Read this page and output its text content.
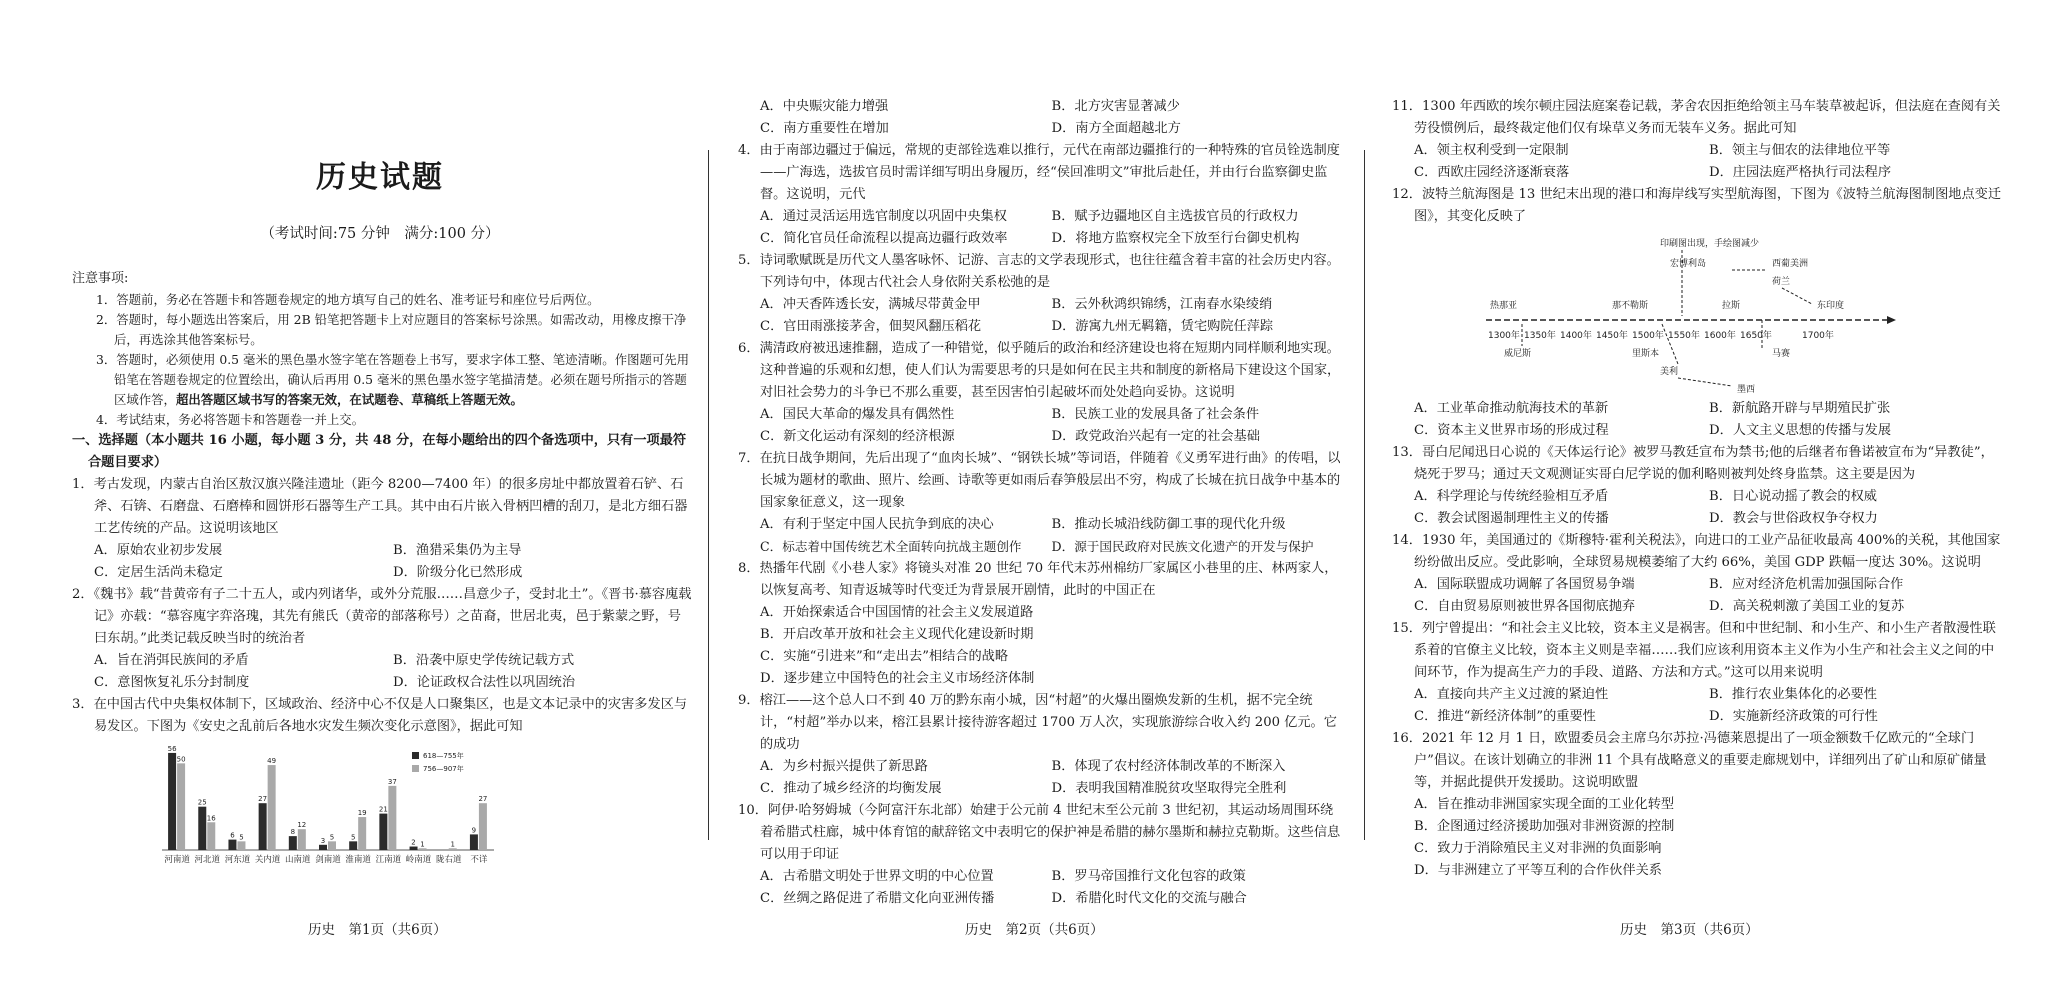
历史试题
（考试时间:75 分钟　满分:100 分）

注意事项:

1．答题前，务必在答题卡和答题卷规定的地方填写自己的姓名、准考证号和座位号后两位。

2．答题时，每小题选出答案后，用 2B 铅笔把答题卡上对应题目的答案标号涂黑。如需改动，用橡皮擦干净后，再选涂其他答案标号。

3．答题时，必须使用 0.5 毫米的黑色墨水签字笔在答题卷上书写，要求字体工整、笔迹清晰。作图题可先用铅笔在答题卷规定的位置绘出，确认后再用 0.5 毫米的黑色墨水签字笔描清楚。必须在题号所指示的答题区域作答，超出答题区域书写的答案无效，在试题卷、草稿纸上答题无效。

4．考试结束，务必将答题卡和答题卷一并上交。

一、选择题（本小题共 16 小题，每小题 3 分，共 48 分，在每小题给出的四个备选项中，只有一项最符合题目要求）

1．考古发现，内蒙古自治区敖汉旗兴隆洼遗址（距今 8200—7400 年）的很多房址中都放置着石铲、石斧、石锛、石磨盘、石磨棒和圆饼形石器等生产工具。其中由石片嵌入骨柄凹槽的刮刀，是北方细石器工艺传统的产品。这说明该地区

A．原始农业初步发展	B．渔猎采集仍为主导
C．定居生活尚未稳定	D．阶级分化已然形成

2．《魏书》载“昔黄帝有子二十五人，或内列诸华，或外分荒服……昌意少子，受封北土”。《晋书·慕容廆载记》亦载：“慕容廆字弈洛瑰，其先有熊氏（黄帝的部落称号）之苗裔，世居北夷，邑于紫蒙之野，号曰东胡。”此类记载反映当时的统治者

A．旨在消弭民族间的矛盾	B．沿袭中原史学传统记载方式
C．意图恢复礼乐分封制度	D．论证政权合法性以巩固统治

3．在中国古代中央集权体制下，区域政治、经济中心不仅是人口聚集区，也是文本记录中的灾害多发区与易发区。下图为《安史之乱前后各地水灾发生频次变化示意图》，据此可知

56
50
河南道
25
16
河北道
6 5
河东道
27
49
关内道
8
12
山南道
3 5
剑南道
5
19
淮南道
21
37
江南道
2 1
岭南道
1
陇右道
9
27
不详
618—755年
756—907年
A．中央赈灾能力增强	B．北方灾害显著减少
C．南方重要性在增加	D．南方全面超越北方

4．由于南部边疆过于偏远，常规的吏部铨选难以推行，元代在南部边疆推行的一种特殊的官员铨选制度——广海选，选拔官员时需详细写明出身履历，经“侯回准明文”审批后赴任，并由行台监察御史监督。这说明，元代

A．通过灵活运用选官制度以巩固中央集权	B．赋予边疆地区自主选拔官员的行政权力
C．简化官员任命流程以提高边疆行政效率	D．将地方监察权完全下放至行台御史机构

5．诗词歌赋既是历代文人墨客咏怀、记游、言志的文学表现形式，也往往蕴含着丰富的社会历史内容。下列诗句中，体现古代社会人身依附关系松弛的是

A．冲天香阵透长安，满城尽带黄金甲	B．云外秋鸿织锦绣，江南春水染绫绡
C．官田雨涨接茅舍，佃契风翻压稻花	D．游寓九州无羁籍，赁宅购院任萍踪

6．满清政府被迅速推翻，造成了一种错觉，似乎随后的政治和经济建设也将在短期内同样顺利地实现。这种普遍的乐观和幻想，使人们认为需要思考的只是如何在民主共和制度的新格局下建设这个国家，对旧社会势力的斗争已不那么重要，甚至因害怕引起破坏而处处趋向妥协。这说明

A．国民大革命的爆发具有偶然性	B．民族工业的发展具备了社会条件
C．新文化运动有深刻的经济根源	D．政党政治兴起有一定的社会基础

7．在抗日战争期间，先后出现了“血肉长城”、“钢铁长城”等词语，伴随着《义勇军进行曲》的传唱，以长城为题材的歌曲、照片、绘画、诗歌等更如雨后春笋般层出不穷，构成了长城在抗日战争中基本的国家象征意义，这一现象

A．有利于坚定中国人民抗争到底的决心	B．推动长城沿线防御工事的现代化升级
C．标志着中国传统艺术全面转向抗战主题创作	D．源于国民政府对民族文化遗产的开发与保护

8．热播年代剧《小巷人家》将镜头对准 20 世纪 70 年代末苏州棉纺厂家属区小巷里的庄、林两家人，以恢复高考、知青返城等时代变迁为背景展开剧情，此时的中国正在

A．开始探索适合中国国情的社会主义发展道路
B．开启改革开放和社会主义现代化建设新时期
C．实施“引进来”和“走出去”相结合的战略
D．逐步建立中国特色的社会主义市场经济体制

9．榕江——这个总人口不到 40 万的黔东南小城，因“村超”的火爆出圈焕发新的生机，据不完全统计，“村超”举办以来，榕江县累计接待游客超过 1700 万人次，实现旅游综合收入约 200 亿元。它的成功

A．为乡村振兴提供了新思路	B．体现了农村经济体制改革的不断深入
C．推动了城乡经济的均衡发展	D．表明我国精准脱贫攻坚取得完全胜利

10．阿伊·哈努姆城（今阿富汗东北部）始建于公元前 4 世纪末至公元前 3 世纪初，其运动场周围环绕着希腊式柱廊，城中体育馆的献辞铭文中表明它的保护神是希腊的赫尔墨斯和赫拉克勒斯。这些信息可以用于印证

A．古希腊文明处于世界文明的中心位置	B．罗马帝国推行文化包容的政策
C．丝绸之路促进了希腊文化向亚洲传播	D．希腊化时代文化的交流与融合

11．1300 年西欧的埃尔顿庄园法庭案卷记载，茅舍农因拒绝给领主马车装草被起诉，但法庭在查阅有关劳役惯例后，最终裁定他们仅有垛草义务而无装车义务。据此可知

A．领主权利受到一定限制	B．领主与佃农的法律地位平等
C．西欧庄园经济逐渐衰落	D．庄园法庭严格执行司法程序

12．波特兰航海图是 13 世纪末出现的港口和海岸线写实型航海图，下图为《波特兰航海图制图地点变迁图》，其变化反映了

印刷图出现，手绘图减少
宏博利岛	西葡美洲
荷兰
东印度
热那亚	那不勒斯	拉斯
威尼斯	里斯本
美利
马赛
墨西
1300年 1350年 1400年 1450年 1500年 1550年 1600年 1650年	1700年
A．工业革命推动航海技术的革新	B．新航路开辟与早期殖民扩张
C．资本主义世界市场的形成过程	D．人文主义思想的传播与发展

13．哥白尼闻迅日心说的《天体运行论》被罗马教廷宣布为禁书;他的后继者布鲁诺被宣布为“异教徒”，烧死于罗马；通过天文观测证实哥白尼学说的伽利略则被判处终身监禁。这主要是因为

A．科学理论与传统经验相互矛盾	B．日心说动摇了教会的权威
C．教会试图遏制理性主义的传播	D．教会与世俗政权争夺权力

14．1930 年，美国通过的《斯穆特·霍利关税法》，向进口的工业产品征收最高 400%的关税，其他国家纷纷做出反应。受此影响，全球贸易规模萎缩了大约 66%，美国 GDP 跌幅一度达 30%。这说明

A．国际联盟成功调解了各国贸易争端	B．应对经济危机需加强国际合作
C．自由贸易原则被世界各国彻底抛弃	D．高关税刺激了美国工业的复苏

15．列宁曾提出：“和社会主义比较，资本主义是祸害。但和中世纪制、和小生产、和小生产者散漫性联系着的官僚主义比较，资本主义则是幸福……我们应该利用资本主义作为小生产和社会主义之间的中间环节，作为提高生产力的手段、道路、方法和方式。”这可以用来说明

A．直接向共产主义过渡的紧迫性	B．推行农业集体化的必要性
C．推进“新经济体制”的重要性	D．实施新经济政策的可行性

16．2021 年 12 月 1 日，欧盟委员会主席乌尔苏拉·冯德莱恩提出了一项金额数千亿欧元的“全球门户”倡议。在该计划确立的非洲 11 个具有战略意义的重要走廊规划中，详细列出了矿山和原矿储量等，并据此提供开发援助。这说明欧盟

A．旨在推动非洲国家实现全面的工业化转型
B．企图通过经济援助加强对非洲资源的控制
C．致力于消除殖民主义对非洲的负面影响
D．与非洲建立了平等互利的合作伙伴关系
历史　第1页（共6页）	历史　第2页（共6页）	历史　第3页（共6页）
